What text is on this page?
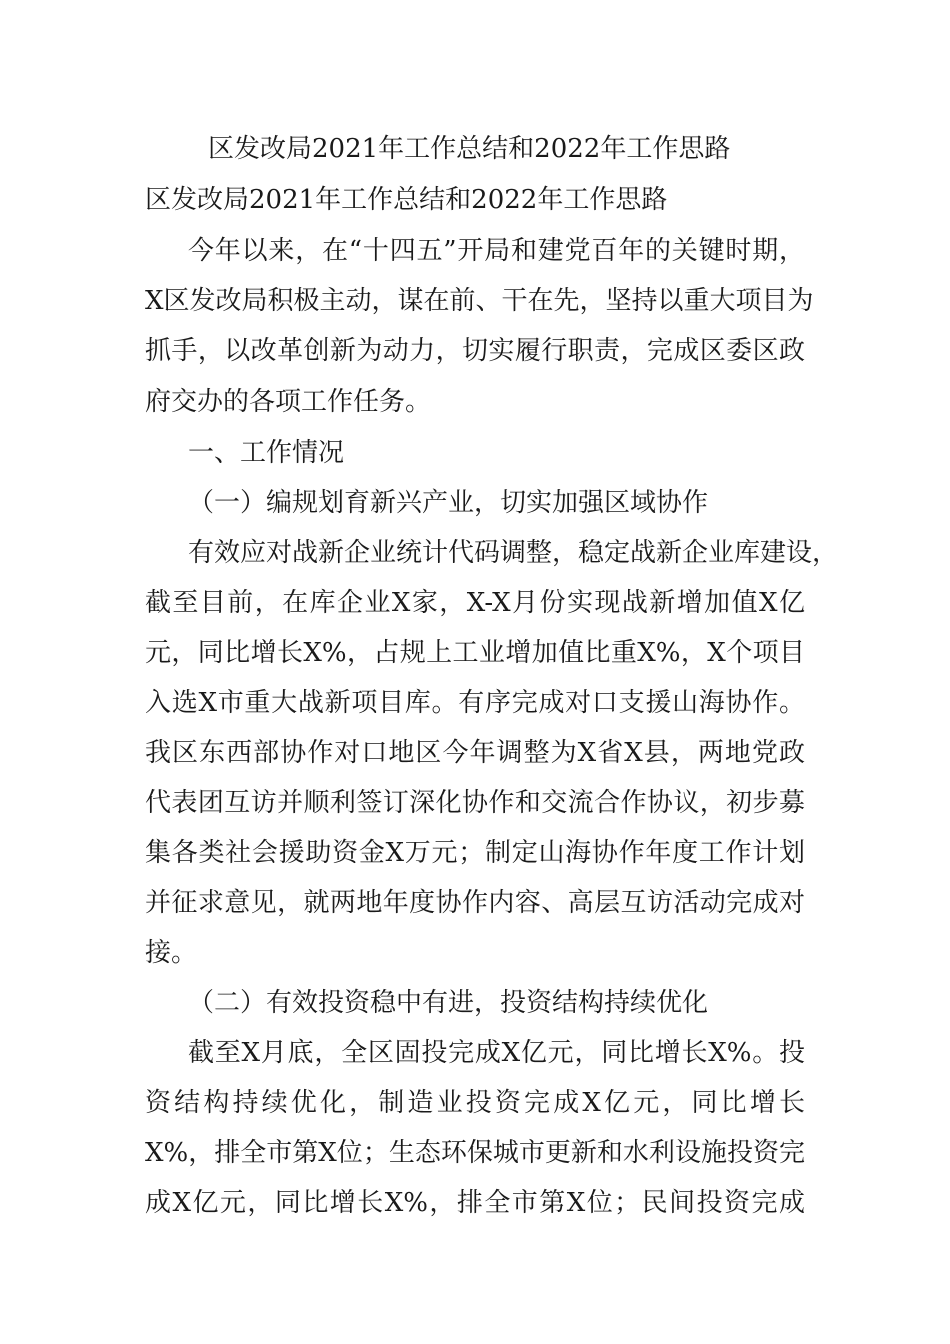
区发改局2021年工作总结和2022年工作思路

区发改局2021年工作总结和2022年工作思路

今年以来，在“十四五”开局和建党百年的关键时期，

X区发改局积极主动，谋在前、干在先，坚持以重大项目为

抓手，以改革创新为动力，切实履行职责，完成区委区政

府交办的各项工作任务。

一、工作情况

（一）编规划育新兴产业，切实加强区域协作

有效应对战新企业统计代码调整，稳定战新企业库建设，

截至目前，在库企业X家，X-X月份实现战新增加值X亿

元，同比增长X%，占规上工业增加值比重X%，X个项目

入选X市重大战新项目库。有序完成对口支援山海协作。

我区东西部协作对口地区今年调整为X省X县，两地党政

代表团互访并顺利签订深化协作和交流合作协议，初步募

集各类社会援助资金X万元；制定山海协作年度工作计划

并征求意见，就两地年度协作内容、高层互访活动完成对

接。

（二）有效投资稳中有进，投资结构持续优化

截至X月底，全区固投完成X亿元，同比增长X%。投

资结构持续优化，制造业投资完成X亿元，同比增长

X%，排全市第X位；生态环保城市更新和水利设施投资完

成X亿元，同比增长X%，排全市第X位；民间投资完成
